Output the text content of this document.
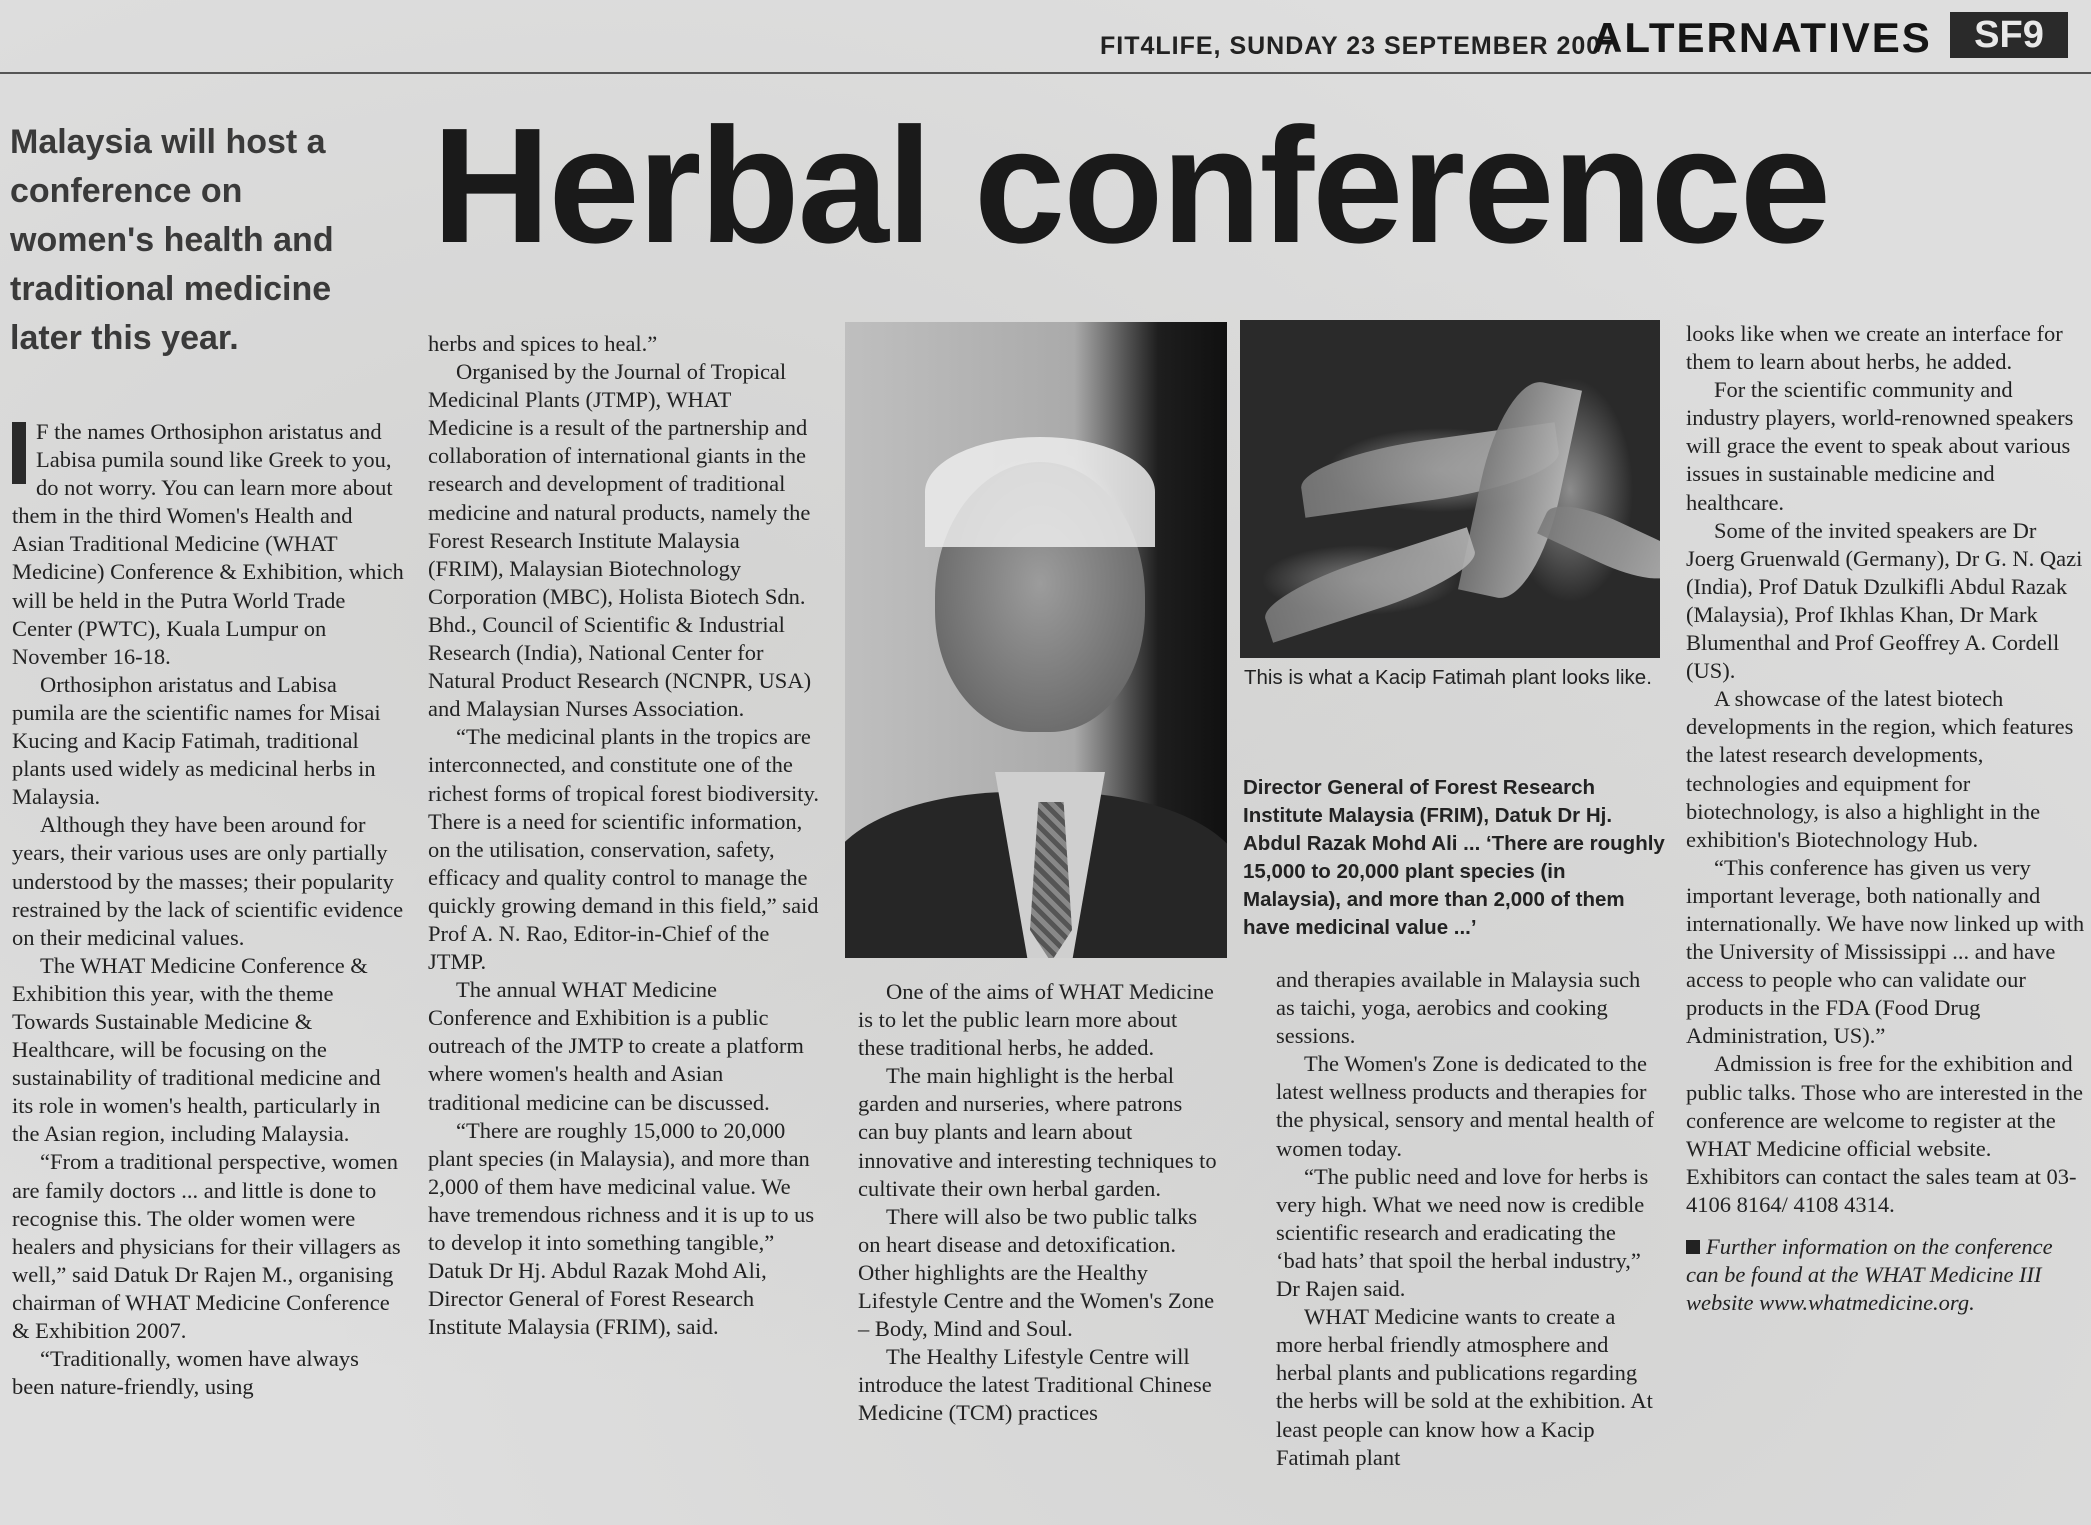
FIT4LIFE, SUNDAY 23 SEPTEMBER 2007
ALTERNATIVES	SF9
Malaysia will host a conference on women's health and traditional medicine later this year.
Herbal conference

F the names Orthosiphon aristatus and Labisa pumila sound like Greek to you, do not worry. You can learn more about them in the third Women's Health and Asian Traditional Medicine (WHAT Medicine) Conference & Exhibition, which will be held in the Putra World Trade Center (PWTC), Kuala Lumpur on November 16-18.

Orthosiphon aristatus and Labisa pumila are the scientific names for Misai Kucing and Kacip Fatimah, traditional plants used widely as medicinal herbs in Malaysia.

Although they have been around for years, their various uses are only partially understood by the masses; their popularity restrained by the lack of scientific evidence on their medicinal values.

The WHAT Medicine Conference & Exhibition this year, with the theme Towards Sustainable Medicine & Healthcare, will be focusing on the sustainability of traditional medicine and its role in women's health, particularly in the Asian region, including Malaysia.

“From a traditional perspective, women are family doctors ... and little is done to recognise this. The older women were healers and physicians for their villagers as well,” said Datuk Dr Rajen M., organising chairman of WHAT Medicine Conference & Exhibition 2007.

“Traditionally, women have always been nature-friendly, using

herbs and spices to heal.”

Organised by the Journal of Tropical Medicinal Plants (JTMP), WHAT Medicine is a result of the partnership and collaboration of international giants in the research and development of traditional medicine and natural products, namely the Forest Research Institute Malaysia (FRIM), Malaysian Biotechnology Corporation (MBC), Holista Biotech Sdn. Bhd., Council of Scientific & Industrial Research (India), National Center for Natural Product Research (NCNPR, USA) and Malaysian Nurses Association.

“The medicinal plants in the tropics are interconnected, and constitute one of the richest forms of tropical forest biodiversity. There is a need for scientific information, on the utilisation, conservation, safety, efficacy and quality control to manage the quickly growing demand in this field,” said Prof A. N. Rao, Editor-in-Chief of the JTMP.

The annual WHAT Medicine Conference and Exhibition is a public outreach of the JMTP to create a platform where women's health and Asian traditional medicine can be discussed.

“There are roughly 15,000 to 20,000 plant species (in Malaysia), and more than 2,000 of them have medicinal value. We have tremendous richness and it is up to us to develop it into something tangible,” Datuk Dr Hj. Abdul Razak Mohd Ali, Director General of Forest Research Institute Malaysia (FRIM), said.

This is what a Kacip Fatimah plant looks like.
Director General of Forest Research Institute Malaysia (FRIM), Datuk Dr Hj. Abdul Razak Mohd Ali ... ‘There are roughly 15,000 to 20,000 plant species (in Malaysia), and more than 2,000 of them have medicinal value ...’

One of the aims of WHAT Medicine is to let the public learn more about these traditional herbs, he added.

The main highlight is the herbal garden and nurseries, where patrons can buy plants and learn about innovative and interesting techniques to cultivate their own herbal garden.

There will also be two public talks on heart disease and detoxification. Other highlights are the Healthy Lifestyle Centre and the Women's Zone – Body, Mind and Soul.

The Healthy Lifestyle Centre will introduce the latest Traditional Chinese Medicine (TCM) practices

and therapies available in Malaysia such as taichi, yoga, aerobics and cooking sessions.

The Women's Zone is dedicated to the latest wellness products and therapies for the physical, sensory and mental health of women today.

“The public need and love for herbs is very high. What we need now is credible scientific research and eradicating the ‘bad hats’ that spoil the herbal industry,” Dr Rajen said.

WHAT Medicine wants to create a more herbal friendly atmosphere and herbal plants and publications regarding the herbs will be sold at the exhibition. At least people can know how a Kacip Fatimah plant

looks like when we create an interface for them to learn about herbs, he added.

For the scientific community and industry players, world-renowned speakers will grace the event to speak about various issues in sustainable medicine and healthcare.

Some of the invited speakers are Dr Joerg Gruenwald (Germany), Dr G. N. Qazi (India), Prof Datuk Dzulkifli Abdul Razak (Malaysia), Prof Ikhlas Khan, Dr Mark Blumenthal and Prof Geoffrey A. Cordell (US).

A showcase of the latest biotech developments in the region, which features the latest research developments, technologies and equipment for biotechnology, is also a highlight in the exhibition's Biotechnology Hub.

“This conference has given us very important leverage, both nationally and internationally. We have now linked up with the University of Mississippi ... and have access to people who can validate our products in the FDA (Food Drug Administration, US).”

Admission is free for the exhibition and public talks. Those who are interested in the conference are welcome to register at the WHAT Medicine official website. Exhibitors can contact the sales team at 03-4106 8164/ 4108 4314.

Further information on the conference can be found at the WHAT Medicine III website www.whatmedicine.org.
